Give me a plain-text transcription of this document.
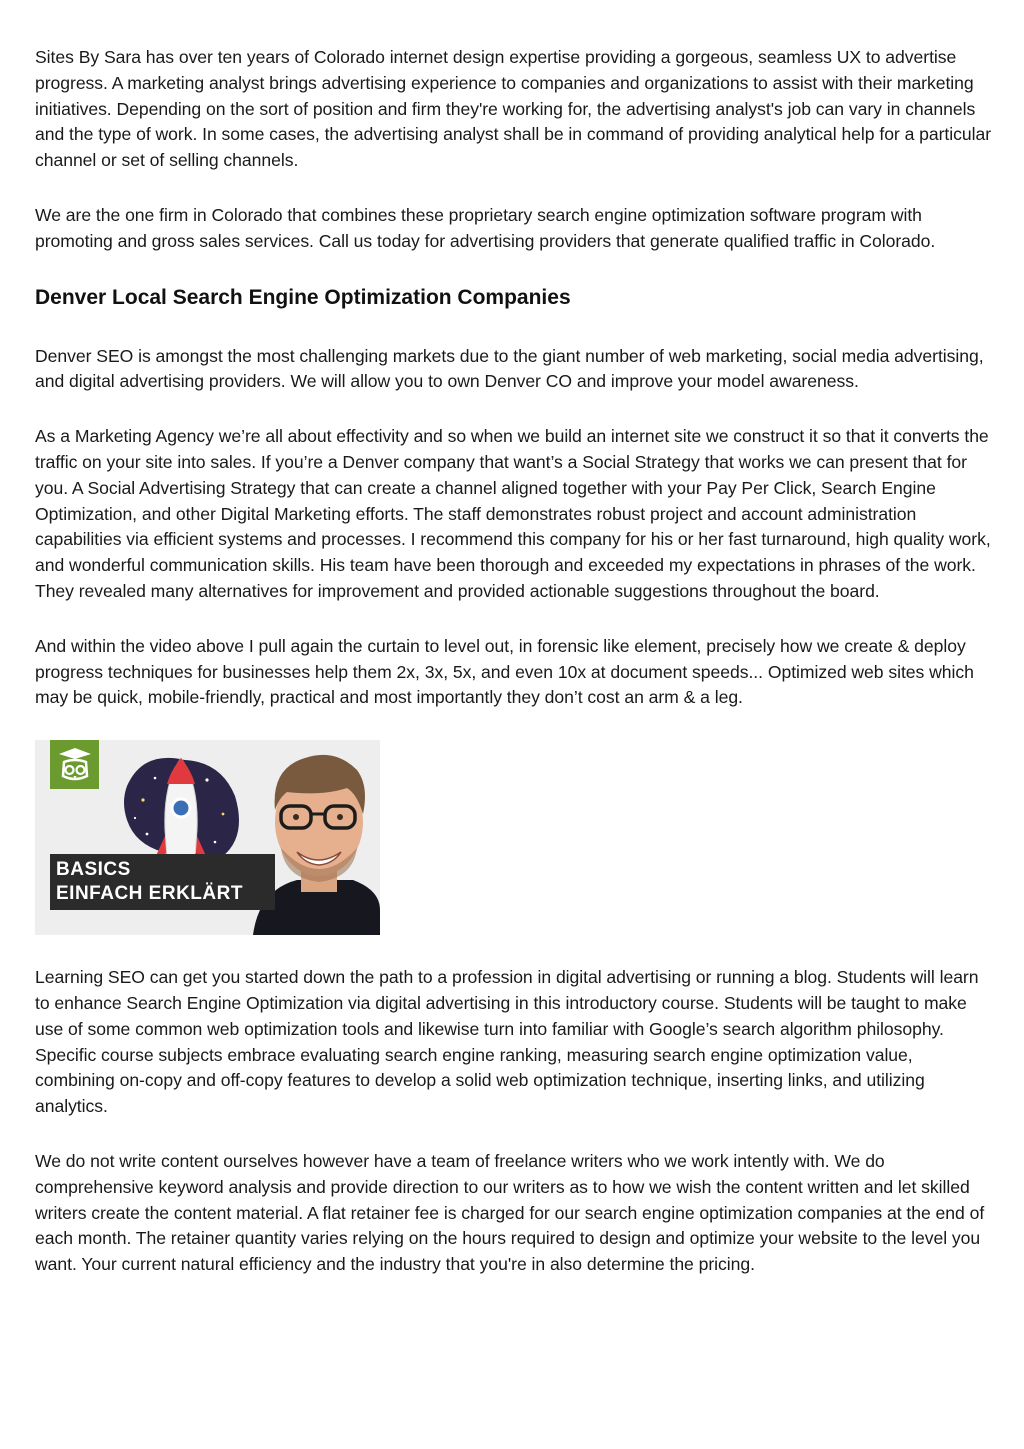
Sites By Sara has over ten years of Colorado internet design expertise providing a gorgeous, seamless UX to advertise progress. A marketing analyst brings advertising experience to companies and organizations to assist with their marketing initiatives. Depending on the sort of position and firm they're working for, the advertising analyst's job can vary in channels and the type of work. In some cases, the advertising analyst shall be in command of providing analytical help for a particular channel or set of selling channels.

We are the one firm in Colorado that combines these proprietary search engine optimization software program with promoting and gross sales services. Call us today for advertising providers that generate qualified traffic in Colorado.

Denver Local Search Engine Optimization Companies

Denver SEO is amongst the most challenging markets due to the giant number of web marketing, social media advertising, and digital advertising providers. We will allow you to own Denver CO and improve your model awareness.

As a Marketing Agency we’re all about effectivity and so when we build an internet site we construct it so that it converts the traffic on your site into sales. If you’re a Denver company that want’s a Social Strategy that works we can present that for you. A Social Advertising Strategy that can create a channel aligned together with your Pay Per Click, Search Engine Optimization, and other Digital Marketing efforts. The staff demonstrates robust project and account administration capabilities via efficient systems and processes. I recommend this company for his or her fast turnaround, high quality work, and wonderful communication skills. His team have been thorough and exceeded my expectations in phrases of the work. They revealed many alternatives for improvement and provided actionable suggestions throughout the board.

And within the video above I pull again the curtain to level out, in forensic like element, precisely how we create & deploy progress techniques for businesses help them 2x, 3x, 5x, and even 10x at document speeds... Optimized web sites which may be quick, mobile-friendly, practical and most importantly they don’t cost an arm & a leg.

BASICS
EINFACH ERKLÄRT

Learning SEO can get you started down the path to a profession in digital advertising or running a blog. Students will learn to enhance Search Engine Optimization via digital advertising in this introductory course. Students will be taught to make use of some common web optimization tools and likewise turn into familiar with Google’s search algorithm philosophy. Specific course subjects embrace evaluating search engine ranking, measuring search engine optimization value, combining on-copy and off-copy features to develop a solid web optimization technique, inserting links, and utilizing analytics.

We do not write content ourselves however have a team of freelance writers who we work intently with. We do comprehensive keyword analysis and provide direction to our writers as to how we wish the content written and let skilled writers create the content material. A flat retainer fee is charged for our search engine optimization companies at the end of each month. The retainer quantity varies relying on the hours required to design and optimize your website to the level you want. Your current natural efficiency and the industry that you're in also determine the pricing.
